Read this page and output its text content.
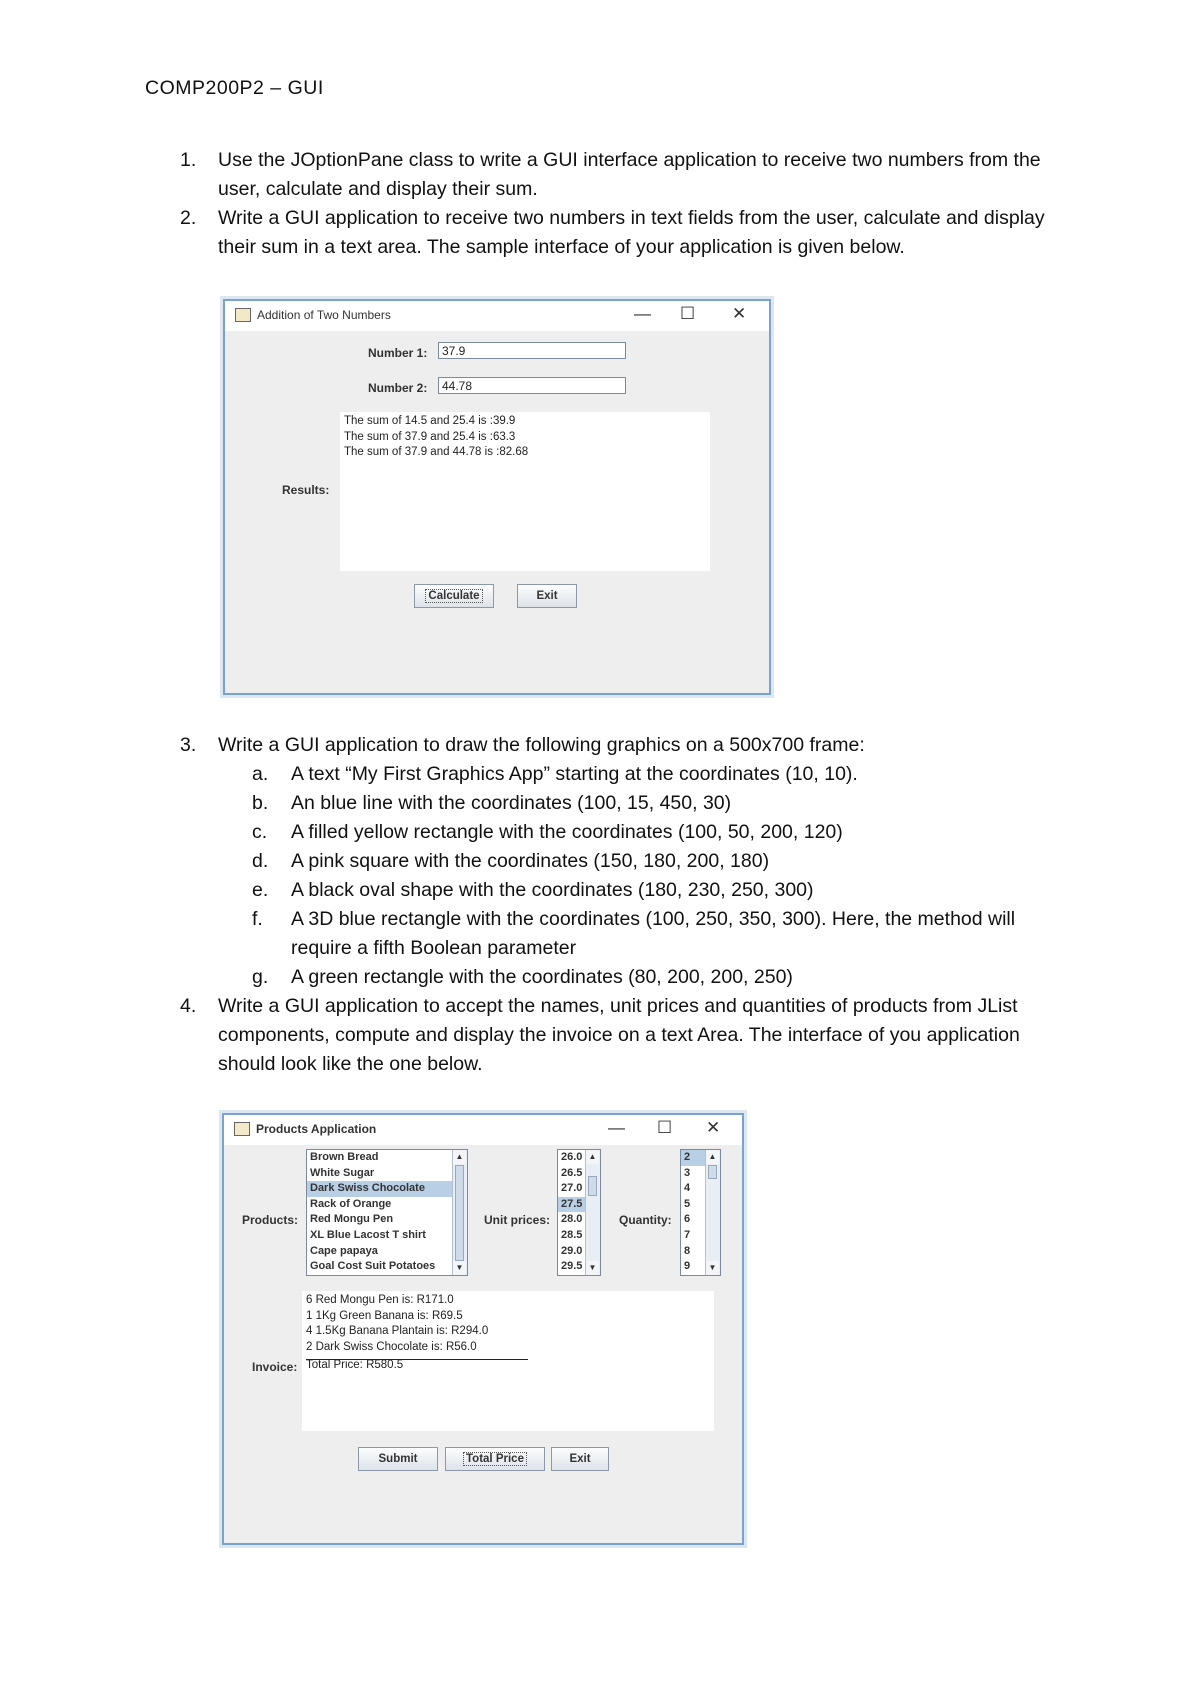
COMP200P2 – GUI
1. Use the JOptionPane class to write a GUI interface application to receive two numbers from the user, calculate and display their sum.
2. Write a GUI application to receive two numbers in text fields from the user, calculate and display their sum in a text area. The sample interface of your application is given below.
Addition of Two Numbers	— ☐ ✕
Number 1:	37.9
Number 2:	44.78
Results:
The sum of 14.5 and 25.4 is :39.9
The sum of 37.9 and 25.4 is :63.3
The sum of 37.9 and 44.78 is :82.68
Calculate	Exit
3. Write a GUI application to draw the following graphics on a 500x700 frame:
a. A text “My First Graphics App” starting at the coordinates (10, 10).
b. An blue line with the coordinates (100, 15, 450, 30)
c. A filled yellow rectangle with the coordinates (100, 50, 200, 120)
d. A pink square with the coordinates (150, 180, 200, 180)
e. A black oval shape with the coordinates (180, 230, 250, 300)
f. A 3D blue rectangle with the coordinates (100, 250, 350, 300). Here, the method will require a fifth Boolean parameter
g. A green rectangle with the coordinates (80, 200, 200, 250)
4. Write a GUI application to accept the names, unit prices and quantities of products from JList components, compute and display the invoice on a text Area. The interface of you application should look like the one below.
Products Application	— ☐ ✕
Products:
Brown Bread
White Sugar
Dark Swiss Chocolate
Rack of Orange
Red Mongu Pen
XL Blue Lacost T shirt
Cape papaya
Goal Cost Suit Potatoes
▲
▼
Unit prices:
26.0
26.5
27.0
27.5
28.0
28.5
29.0
29.5
▲
▼
Quantity:
2
3
4
5
6
7
8
9
▲
▼
Invoice:
6 Red Mongu Pen is: R171.0
1 1Kg Green Banana is: R69.5
4 1.5Kg Banana Plantain is: R294.0
2 Dark Swiss Chocolate is: R56.0
Total Price: R580.5
Submit	Total Price	Exit
